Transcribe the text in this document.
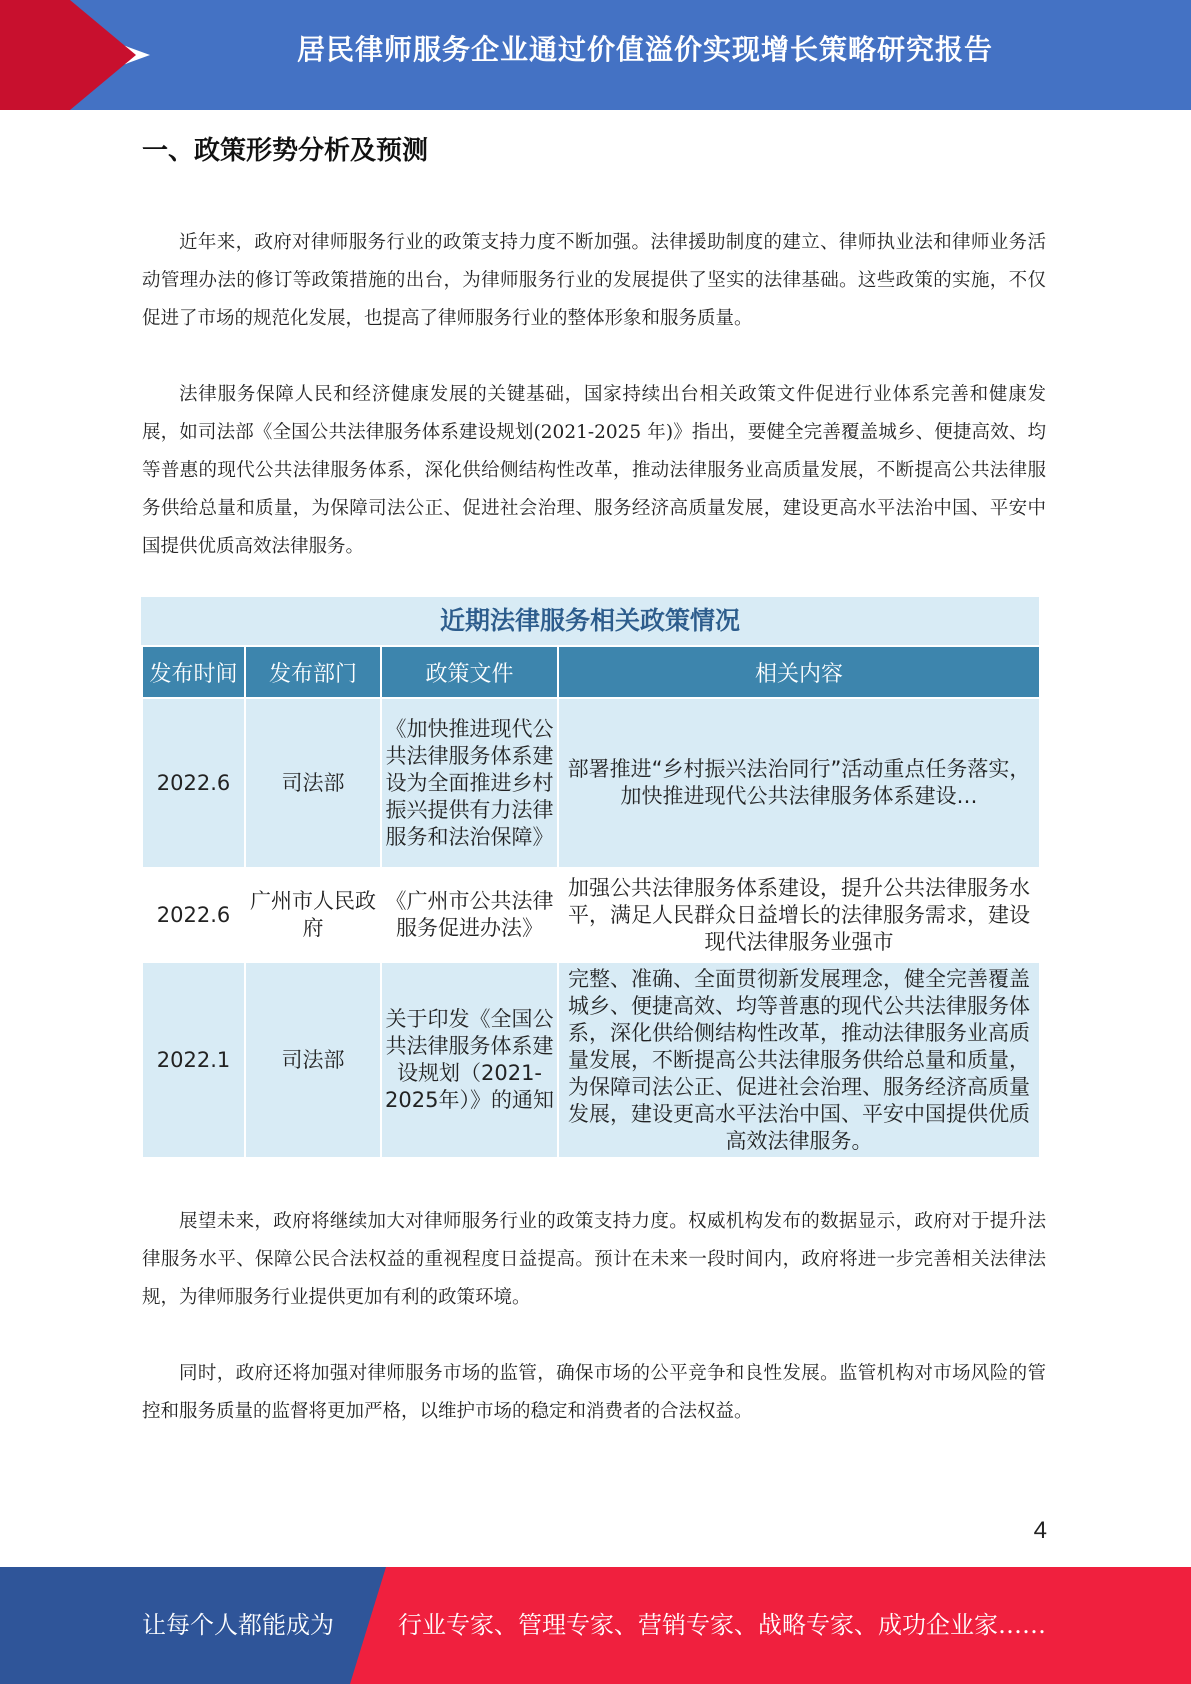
居民律师服务企业通过价值溢价实现增长策略研究报告
一、政策形势分析及预测

近年来，政府对律师服务行业的政策支持力度不断加强。法律援助制度的建立、律师执业法和律师业务活动管理办法的修订等政策措施的出台，为律师服务行业的发展提供了坚实的法律基础。这些政策的实施，不仅促进了市场的规范化发展，也提高了律师服务行业的整体形象和服务质量。

法律服务保障人民和经济健康发展的关键基础，国家持续出台相关政策文件促进行业体系完善和健康发展，如司法部《全国公共法律服务体系建设规划(2021-2025 年)》指出，要健全完善覆盖城乡、便捷高效、均等普惠的现代公共法律服务体系，深化供给侧结构性改革，推动法律服务业高质量发展，不断提高公共法律服务供给总量和质量，为保障司法公正、促进社会治理、服务经济高质量发展，建设更高水平法治中国、平安中国提供优质高效法律服务。

近期法律服务相关政策情况
发布时间	发布部门	政策文件	相关内容
2022.6	司法部	《加快推进现代公共法律服务体系建设为全面推进乡村振兴提供有力法律服务和法治保障》	部署推进“乡村振兴法治同行”活动重点任务落实，加快推进现代公共法律服务体系建设…
2022.6	广州市人民政府	《广州市公共法律服务促进办法》	加强公共法律服务体系建设，提升公共法律服务水平，满足人民群众日益增长的法律服务需求，建设现代法律服务业强市
2022.1	司法部	关于印发《全国公共法律服务体系建设规划（2021-2025年）》的通知	完整、准确、全面贯彻新发展理念，健全完善覆盖城乡、便捷高效、均等普惠的现代公共法律服务体系，深化供给侧结构性改革，推动法律服务业高质量发展，不断提高公共法律服务供给总量和质量，为保障司法公正、促进社会治理、服务经济高质量发展，建设更高水平法治中国、平安中国提供优质高效法律服务。

展望未来，政府将继续加大对律师服务行业的政策支持力度。权威机构发布的数据显示，政府对于提升法律服务水平、保障公民合法权益的重视程度日益提高。预计在未来一段时间内，政府将进一步完善相关法律法规，为律师服务行业提供更加有利的政策环境。

同时，政府还将加强对律师服务市场的监管，确保市场的公平竞争和良性发展。监管机构对市场风险的管控和服务质量的监督将更加严格，以维护市场的稳定和消费者的合法权益。

4
让每个人都能成为	行业专家、管理专家、营销专家、战略专家、成功企业家……
